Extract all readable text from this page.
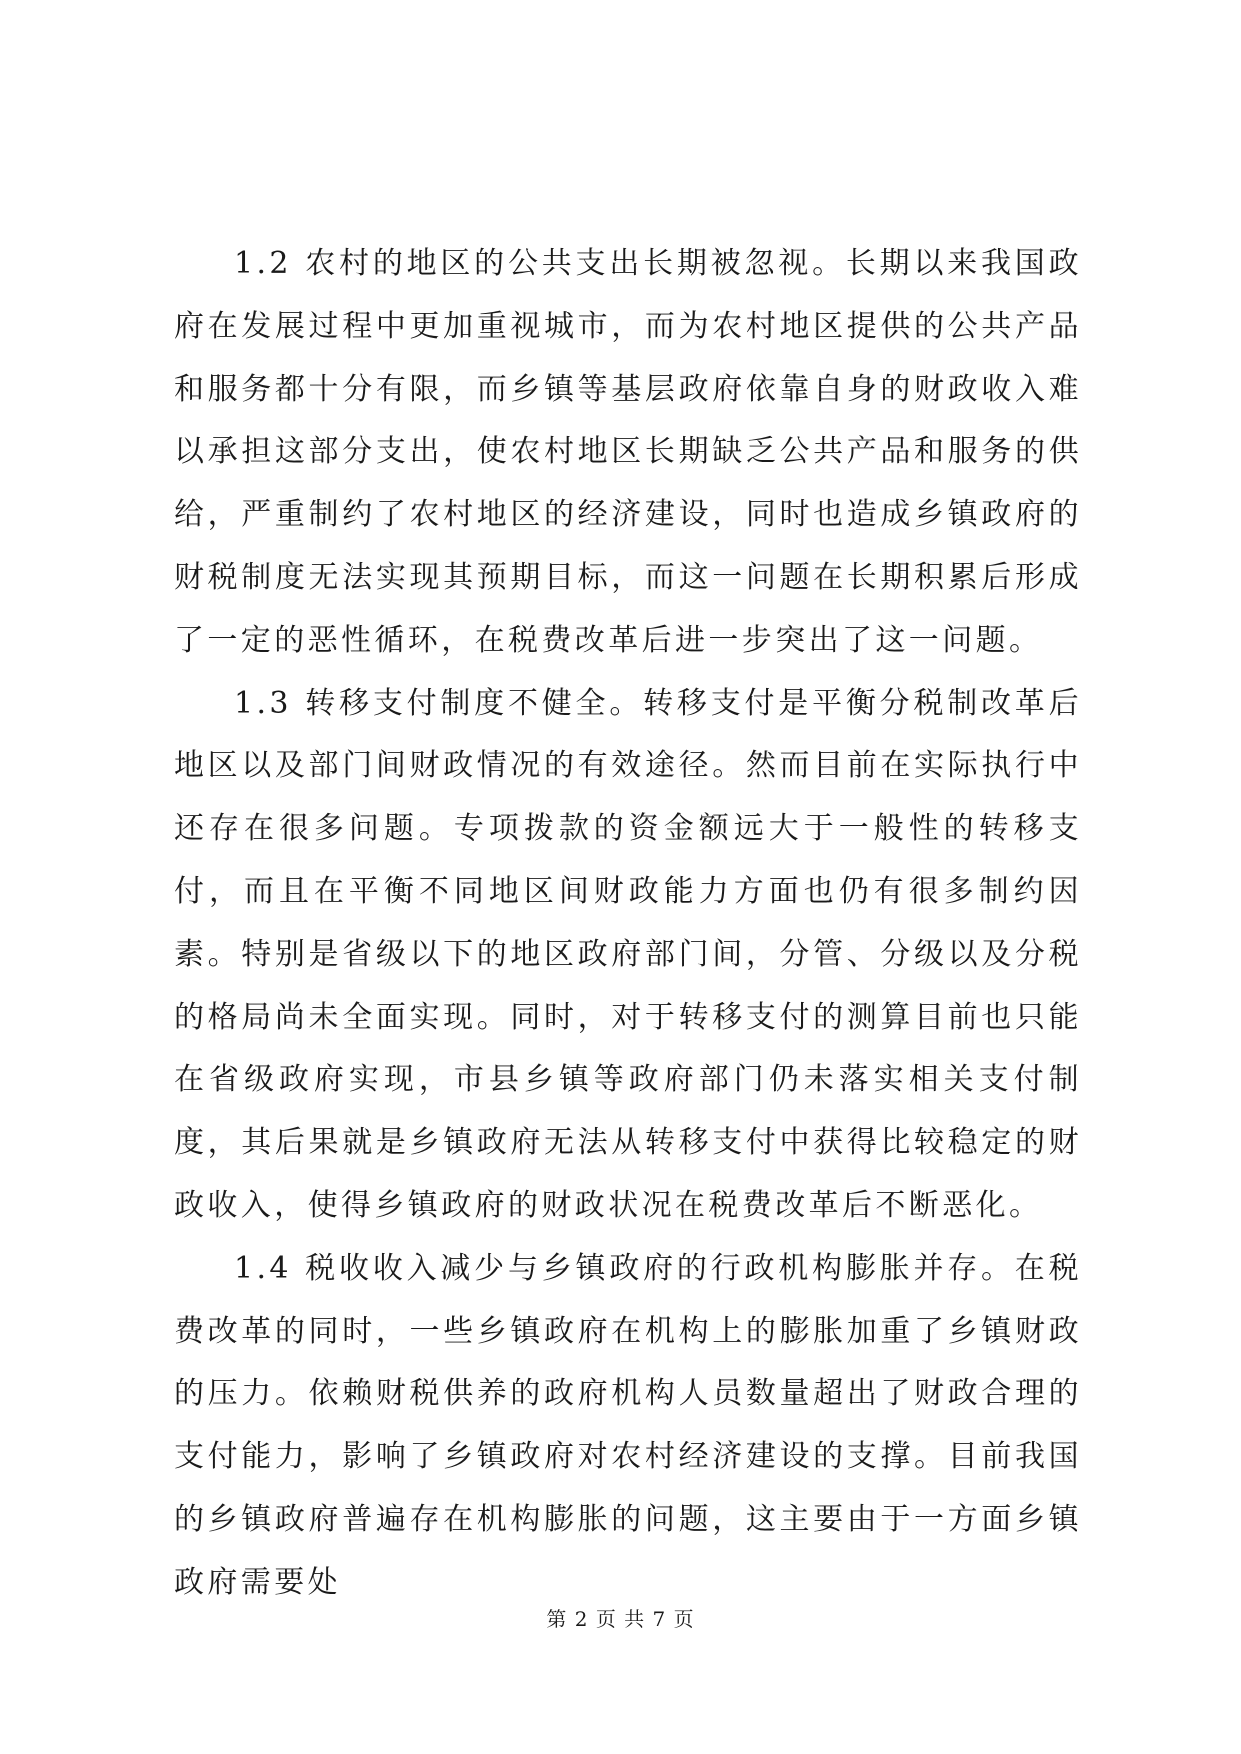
1.2 农村的地区的公共支出长期被忽视。长期以来我国政府在发展过程中更加重视城市，而为农村地区提供的公共产品和服务都十分有限，而乡镇等基层政府依靠自身的财政收入难以承担这部分支出，使农村地区长期缺乏公共产品和服务的供给，严重制约了农村地区的经济建设，同时也造成乡镇政府的财税制度无法实现其预期目标，而这一问题在长期积累后形成了一定的恶性循环，在税费改革后进一步突出了这一问题。

1.3 转移支付制度不健全。转移支付是平衡分税制改革后地区以及部门间财政情况的有效途径。然而目前在实际执行中还存在很多问题。专项拨款的资金额远大于一般性的转移支付，而且在平衡不同地区间财政能力方面也仍有很多制约因素。特别是省级以下的地区政府部门间，分管、分级以及分税的格局尚未全面实现。同时，对于转移支付的测算目前也只能在省级政府实现，市县乡镇等政府部门仍未落实相关支付制度，其后果就是乡镇政府无法从转移支付中获得比较稳定的财政收入，使得乡镇政府的财政状况在税费改革后不断恶化。

1.4 税收收入减少与乡镇政府的行政机构膨胀并存。在税费改革的同时，一些乡镇政府在机构上的膨胀加重了乡镇财政的压力。依赖财税供养的政府机构人员数量超出了财政合理的支付能力，影响了乡镇政府对农村经济建设的支撑。目前我国的乡镇政府普遍存在机构膨胀的问题，这主要由于一方面乡镇政府需要处

第 2 页 共 7 页
